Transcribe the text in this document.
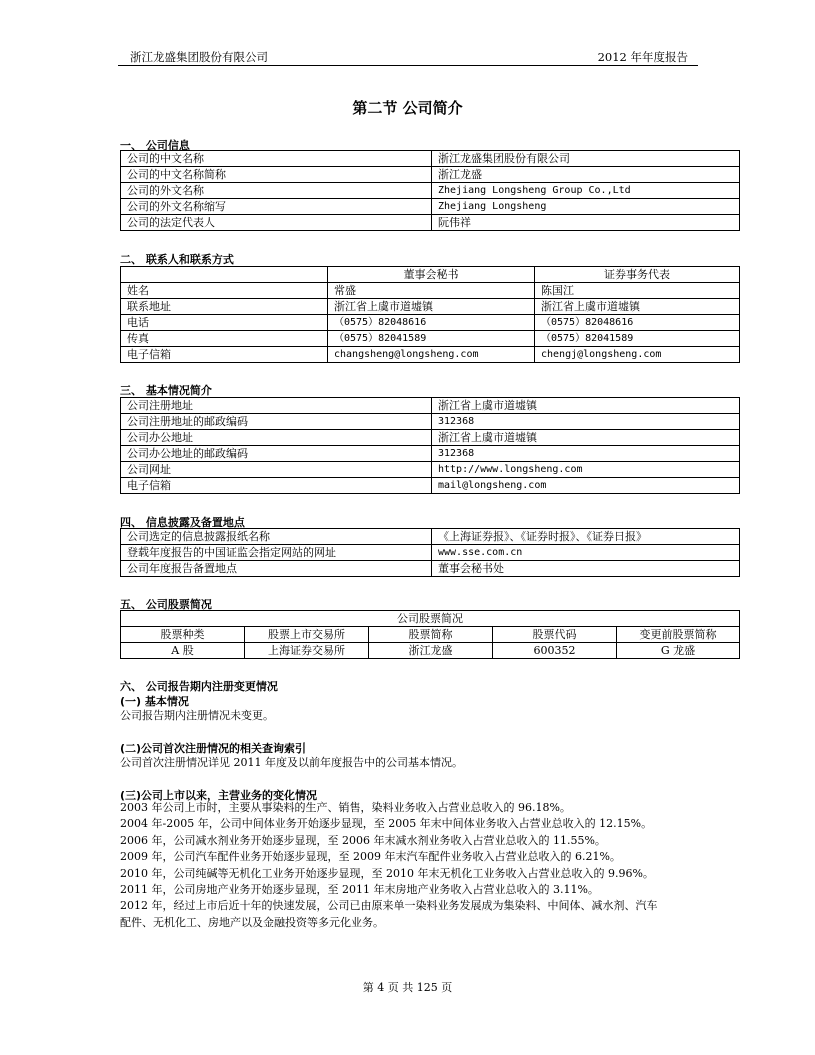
浙江龙盛集团股份有限公司	2012 年年度报告
第二节 公司简介
一、 公司信息
公司的中文名称	浙江龙盛集团股份有限公司
公司的中文名称简称	浙江龙盛
公司的外文名称	Zhejiang Longsheng Group Co.,Ltd
公司的外文名称缩写	Zhejiang Longsheng
公司的法定代表人	阮伟祥
二、 联系人和联系方式
	董事会秘书	证券事务代表
姓名	常盛	陈国江
联系地址	浙江省上虞市道墟镇	浙江省上虞市道墟镇
电话	（0575）82048616	（0575）82048616
传真	（0575）82041589	（0575）82041589
电子信箱	changsheng@longsheng.com	chengj@longsheng.com
三、 基本情况简介
公司注册地址	浙江省上虞市道墟镇
公司注册地址的邮政编码	312368
公司办公地址	浙江省上虞市道墟镇
公司办公地址的邮政编码	312368
公司网址	http://www.longsheng.com
电子信箱	mail@longsheng.com
四、 信息披露及备置地点
公司选定的信息披露报纸名称	《上海证券报》、《证券时报》、《证券日报》
登载年度报告的中国证监会指定网站的网址	www.sse.com.cn
公司年度报告备置地点	董事会秘书处
五、 公司股票简况
公司股票简况				
股票种类	股票上市交易所	股票简称	股票代码	变更前股票简称
A 股	上海证券交易所	浙江龙盛	600352	G 龙盛
六、 公司报告期内注册变更情况
(一) 基本情况
公司报告期内注册情况未变更。
(二)公司首次注册情况的相关查询索引
公司首次注册情况详见 2011 年度及以前年度报告中的公司基本情况。
(三)公司上市以来，主营业务的变化情况
2003 年公司上市时，主要从事染料的生产、销售，染料业务收入占营业总收入的 96.18%。
2004 年-2005 年，公司中间体业务开始逐步显现，至 2005 年末中间体业务收入占营业总收入的 12.15%。
2006 年，公司减水剂业务开始逐步显现，至 2006 年末减水剂业务收入占营业总收入的 11.55%。
2009 年，公司汽车配件业务开始逐步显现，至 2009 年末汽车配件业务收入占营业总收入的 6.21%。
2010 年，公司纯碱等无机化工业务开始逐步显现，至 2010 年末无机化工业务收入占营业总收入的 9.96%。
2011 年，公司房地产业务开始逐步显现，至 2011 年末房地产业务收入占营业总收入的 3.11%。
2012 年，经过上市后近十年的快速发展，公司已由原来单一染料业务发展成为集染料、中间体、减水剂、汽车
配件、无机化工、房地产以及金融投资等多元化业务。
第 4 页 共 125 页
